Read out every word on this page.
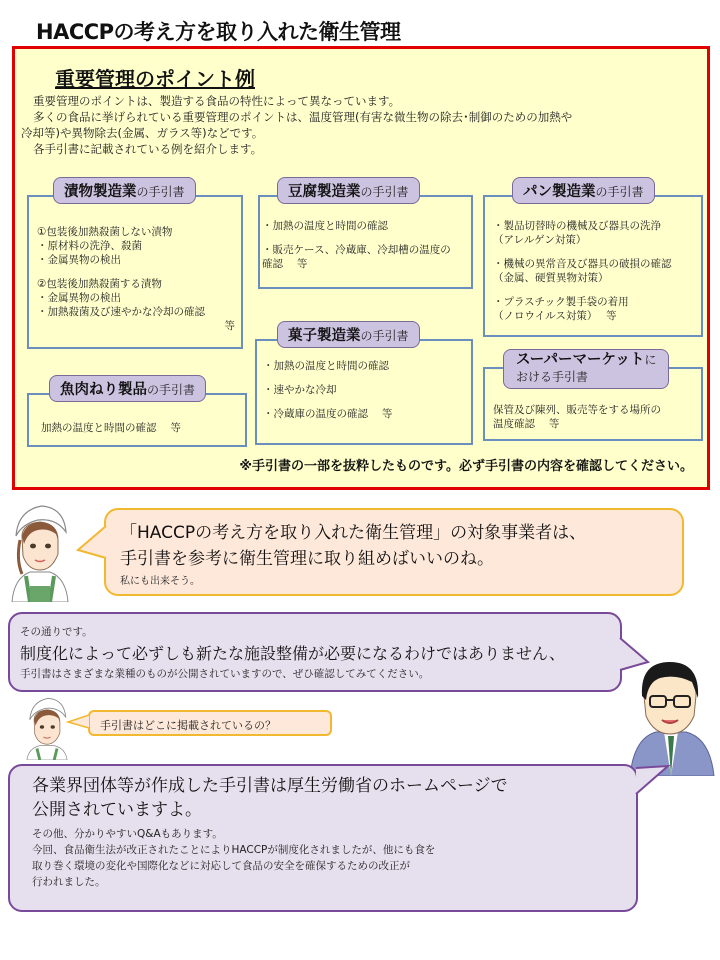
HACCPの考え方を取り入れた衛生管理
重要管理のポイント例

重要管理のポイントは、製造する食品の特性によって異なっています。

多くの食品に挙げられている重要管理のポイントは、温度管理(有害な微生物の除去･制御のための加熱や

冷却等)や異物除去(金属、ガラス等)などです。

各手引書に記載されている例を紹介します。

①包装後加熱殺菌しない漬物
・原材料の洗浄、殺菌
・金属異物の検出
②包装後加熱殺菌する漬物
・金属異物の検出
・加熱殺菌及び速やかな冷却の確認
等
漬物製造業の手引書
・加熱の温度と時間の確認
・販売ケース、冷蔵庫、冷却槽の温度の
確認　 等
豆腐製造業の手引書
・製品切替時の機械及び器具の洗浄
（アレルゲン対策）
・機械の異常音及び器具の破損の確認
（金属、硬質異物対策）
・プラスチック製手袋の着用
（ノロウイルス対策）　 等
パン製造業の手引書
・加熱の温度と時間の確認
・速やかな冷却
・冷蔵庫の温度の確認　 等
菓子製造業の手引書
加熱の温度と時間の確認　 等
魚肉ねり製品の手引書
保管及び陳列、販売等をする場所の
温度確認　 等
スーパーマーケットに
おける手引書
※手引書の一部を抜粋したものです。必ず手引書の内容を確認してください。
「HACCPの考え方を取り入れた衛生管理」の対象事業者は、
手引書を参考に衛生管理に取り組めばいいのね。
私にも出来そう。
その通りです。
制度化によって必ずしも新たな施設整備が必要になるわけではありません、
手引書はさまざまな業種のものが公開されていますので、ぜひ確認してみてください。
手引書はどこに掲載されているの？
各業界団体等が作成した手引書は厚生労働省のホームページで
公開されていますよ。
その他、分かりやすいQ&Aもあります。
今回、食品衛生法が改正されたことによりHACCPが制度化されましたが、他にも食を
取り巻く環境の変化や国際化などに対応して食品の安全を確保するための改正が
行われました。
